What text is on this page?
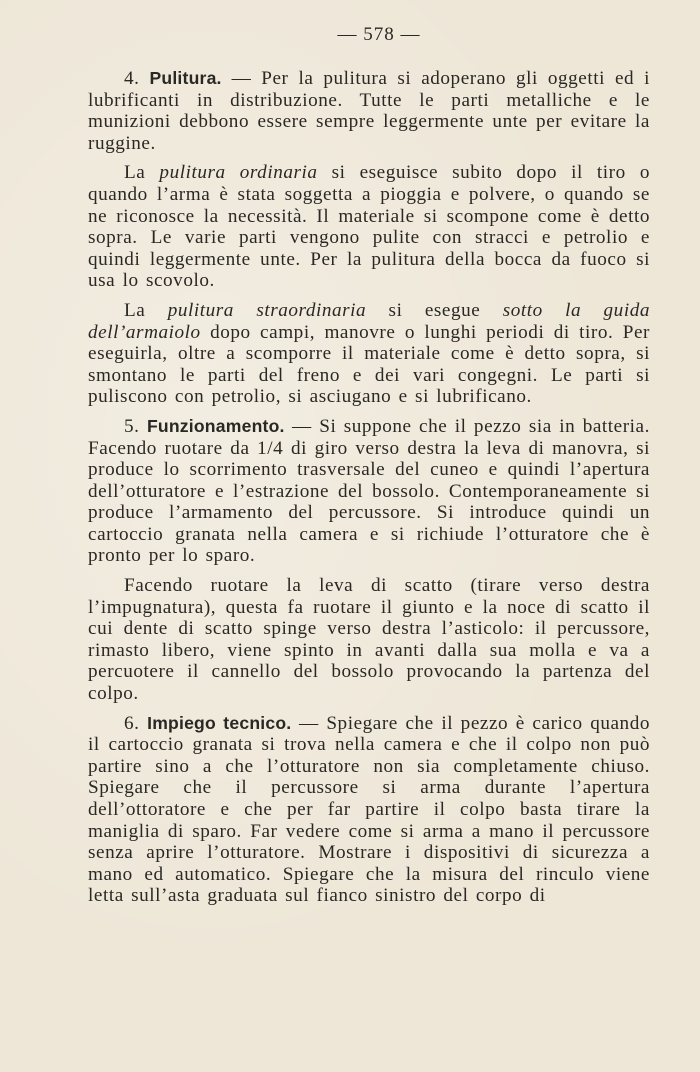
— 578 —

4. Pulitura. — Per la pulitura si adoperano gli oggetti ed i lubrificanti in distribuzione. Tutte le parti metalliche e le munizioni debbono essere sempre leggermente unte per evitare la ruggine.

La pulitura ordinaria si eseguisce subito dopo il tiro o quando l’arma è stata soggetta a pioggia e polvere, o quando se ne riconosce la necessità. Il materiale si scompone come è detto sopra. Le varie parti vengono pulite con stracci e petrolio e quindi leggermente unte. Per la pulitura della bocca da fuoco si usa lo scovolo.

La pulitura straordinaria si esegue sotto la guida dell’armaiolo dopo campi, manovre o lunghi periodi di tiro. Per eseguirla, oltre a scomporre il materiale come è detto sopra, si smontano le parti del freno e dei vari congegni. Le parti si puliscono con petrolio, si asciugano e si lubrificano.

5. Funzionamento. — Si suppone che il pezzo sia in batteria. Facendo ruotare da 1/4 di giro verso destra la leva di manovra, si produce lo scorrimento trasversale del cuneo e quindi l’apertura dell’otturatore e l’estrazione del bossolo. Contemporaneamente si produce l’armamento del percussore. Si introduce quindi un cartoccio granata nella camera e si richiude l’otturatore che è pronto per lo sparo.

Facendo ruotare la leva di scatto (tirare verso destra l’impugnatura), questa fa ruotare il giunto e la noce di scatto il cui dente di scatto spinge verso destra l’asticolo: il percussore, rimasto libero, viene spinto in avanti dalla sua molla e va a percuotere il cannello del bossolo provocando la partenza del colpo.

6. Impiego tecnico. — Spiegare che il pezzo è carico quando il cartoccio granata si trova nella camera e che il colpo non può partire sino a che l’otturatore non sia completamente chiuso. Spiegare che il percussore si arma durante l’apertura dell’ottoratore e che per far partire il colpo basta tirare la maniglia di sparo. Far vedere come si arma a mano il percussore senza aprire l’otturatore. Mostrare i dispositivi di sicurezza a mano ed automatico. Spiegare che la misura del rinculo viene letta sull’asta graduata sul fianco sinistro del corpo di
